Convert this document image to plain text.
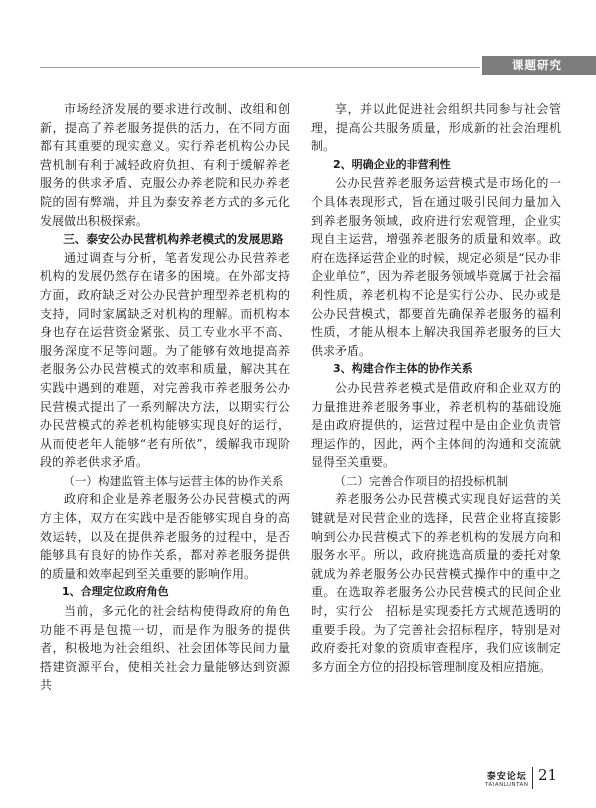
课题研究

市场经济发展的要求进行改制、改组和创新，提高了养老服务提供的活力，在不同方面都有其重要的现实意义。实行养老机构公办民营机制有利于减轻政府负担、有利于缓解养老服务的供求矛盾、克服公办养老院和民办养老院的固有弊端，并且为泰安养老方式的多元化发展做出积极探索。

三、泰安公办民营机构养老模式的发展思路

通过调查与分析，笔者发现公办民营养老机构的发展仍然存在诸多的困境。在外部支持方面，政府缺乏对公办民营护理型养老机构的支持，同时家属缺乏对机构的理解。而机构本身也存在运营资金紧张、员工专业水平不高、服务深度不足等问题。为了能够有效地提高养老服务公办民营模式的效率和质量，解决其在实践中遇到的难题，对完善我市养老服务公办民营模式提出了一系列解决方法，以期实行公办民营模式的养老机构能够实现良好的运行，从而使老年人能够“老有所依”，缓解我市现阶段的养老供求矛盾。

（一）构建监管主体与运营主体的协作关系

政府和企业是养老服务公办民营模式的两方主体，双方在实践中是否能够实现自身的高效运转，以及在提供养老服务的过程中，是否能够具有良好的协作关系，都对养老服务提供的质量和效率起到至关重要的影响作用。

1、合理定位政府角色

当前，多元化的社会结构使得政府的角色功能不再是包揽一切，而是作为服务的提供者，积极地为社会组织、社会团体等民间力量搭建资源平台，使相关社会力量能够达到资源共

享，并以此促进社会组织共同参与社会管理，提高公共服务质量，形成新的社会治理机制。

2、明确企业的非营利性

公办民营养老服务运营模式是市场化的一个具体表现形式，旨在通过吸引民间力量加入到养老服务领域，政府进行宏观管理，企业实现自主运营，增强养老服务的质量和效率。政府在选择运营企业的时候，规定必须是“民办非企业单位”，因为养老服务领域毕竟属于社会福利性质，养老机构不论是实行公办、民办或是公办民营模式，都要首先确保养老服务的福利性质，才能从根本上解决我国养老服务的巨大供求矛盾。

3、构建合作主体的协作关系

公办民营养老模式是借政府和企业双方的力量推进养老服务事业，养老机构的基础设施是由政府提供的，运营过程中是由企业负责管理运作的，因此，两个主体间的沟通和交流就显得至关重要。

（二）完善合作项目的招投标机制

养老服务公办民营模式实现良好运营的关键就是对民营企业的选择，民营企业将直接影响到公办民营模式下的养老机构的发展方向和服务水平。所以，政府挑选高质量的委托对象就成为养老服务公办民营模式操作中的重中之重。在选取养老服务公办民营模式的民间企业时，实行公　招标是实现委托方式规范透明的重要手段。为了完善社会招标程序，特别是对政府委托对象的资质审查程序，我们应该制定多方面全方位的招投标管理制度及相应措施。

泰安论坛
TAIANLUNTAN
21
